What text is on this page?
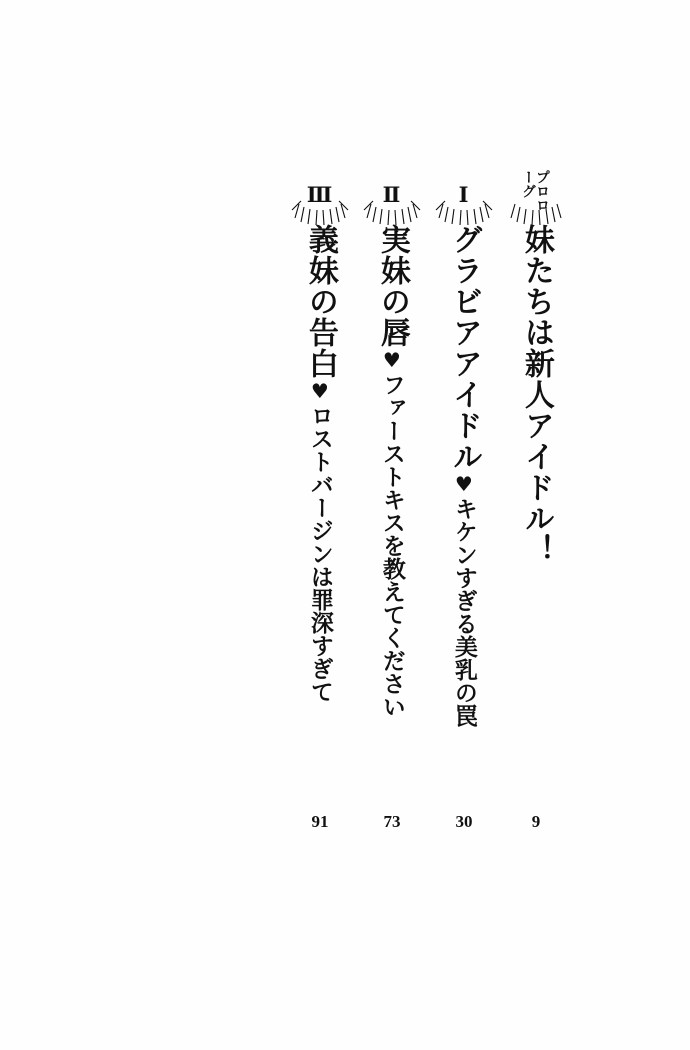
プロローグ
妹たちは新人アイドル！
Ⅰ
グラビアアイドル♥キケンすぎる美乳の罠
Ⅱ
実妹の唇♥ファーストキスを教えてください
Ⅲ
義妹の告白♥ロストバージンは罪深すぎて
9
30
73
91
